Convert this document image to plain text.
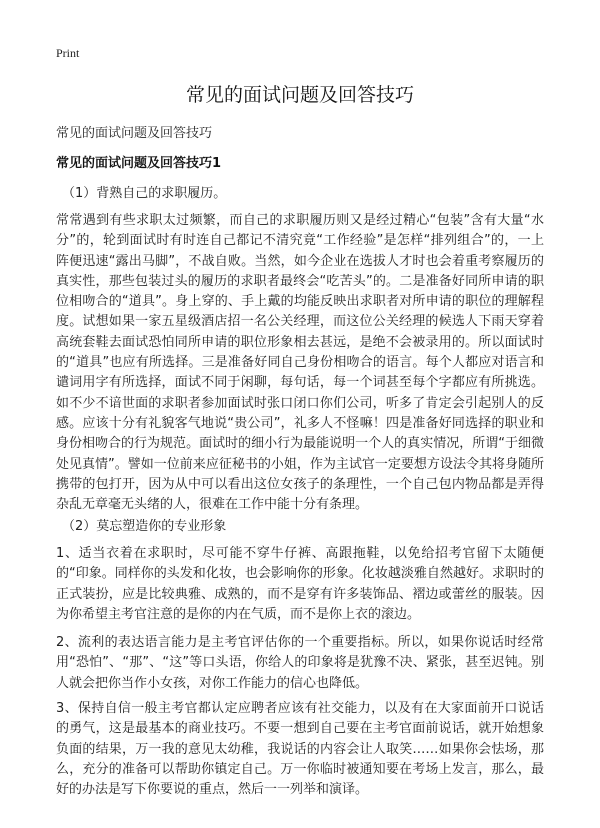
Print
常见的面试问题及回答技巧
常见的面试问题及回答技巧
常见的面试问题及回答技巧1
（1）背熟自己的求职履历。

常常遇到有些求职太过频繁，而自己的求职履历则又是经过精心“包装”含有大量“水分”的，轮到面试时有时连自己都记不清究竟“工作经验”是怎样“排列组合”的，一上阵便迅速“露出马脚”，不战自败。当然，如今企业在选拔人才时也会着重考察履历的真实性，那些包装过头的履历的求职者最终会“吃苦头”的。二是准备好同所申请的职位相吻合的“道具”。身上穿的、手上戴的均能反映出求职者对所申请的职位的理解程度。试想如果一家五星级酒店招一名公关经理，而这位公关经理的候选人下雨天穿着高统套鞋去面试恐怕同所申请的职位形象相去甚远，是绝不会被录用的。所以面试时的“道具”也应有所选择。三是准备好同自己身份相吻合的语言。每个人都应对语言和谴词用字有所选择，面试不同于闲聊，每句话，每一个词甚至每个字都应有所挑选。如不少不谙世面的求职者参加面试时张口闭口你们公司，听多了肯定会引起别人的反感。应该十分有礼貌客气地说“贵公司”，礼多人不怪嘛！四是准备好同选择的职业和身份相吻合的行为规范。面试时的细小行为最能说明一个人的真实情况，所谓“于细微处见真情”。譬如一位前来应征秘书的小姐，作为主试官一定要想方设法令其将身随所携带的包打开，因为从中可以看出这位女孩子的条理性，一个自己包内物品都是弄得杂乱无章毫无头绪的人，很难在工作中能十分有条理。

（2）莫忘塑造你的专业形象

1、适当衣着在求职时，尽可能不穿牛仔裤、高跟拖鞋，以免给招考官留下太随便的“印象。同样你的头发和化妆，也会影响你的形象。化妆越淡雅自然越好。求职时的正式装扮，应是比较典雅、成熟的，而不是穿有许多装饰品、褶边或蕾丝的服装。因为你希望主考官注意的是你的内在气质，而不是你上衣的滚边。

2、流利的表达语言能力是主考官评估你的一个重要指标。所以，如果你说话时经常用“恐怕”、“那”、“这”等口头语，你给人的印象将是犹豫不决、紧张，甚至迟钝。别人就会把你当作小女孩，对你工作能力的信心也降低。

3、保持自信一般主考官都认定应聘者应该有社交能力，以及有在大家面前开口说话的勇气，这是最基本的商业技巧。不要一想到自己要在主考官面前说话，就开始想象负面的结果，万一我的意见太幼稚，我说话的内容会让人取笑……如果你会怯场，那么，充分的准备可以帮助你镇定自己。万一你临时被通知要在考场上发言，那么，最好的办法是写下你要说的重点，然后一一列举和演译。
